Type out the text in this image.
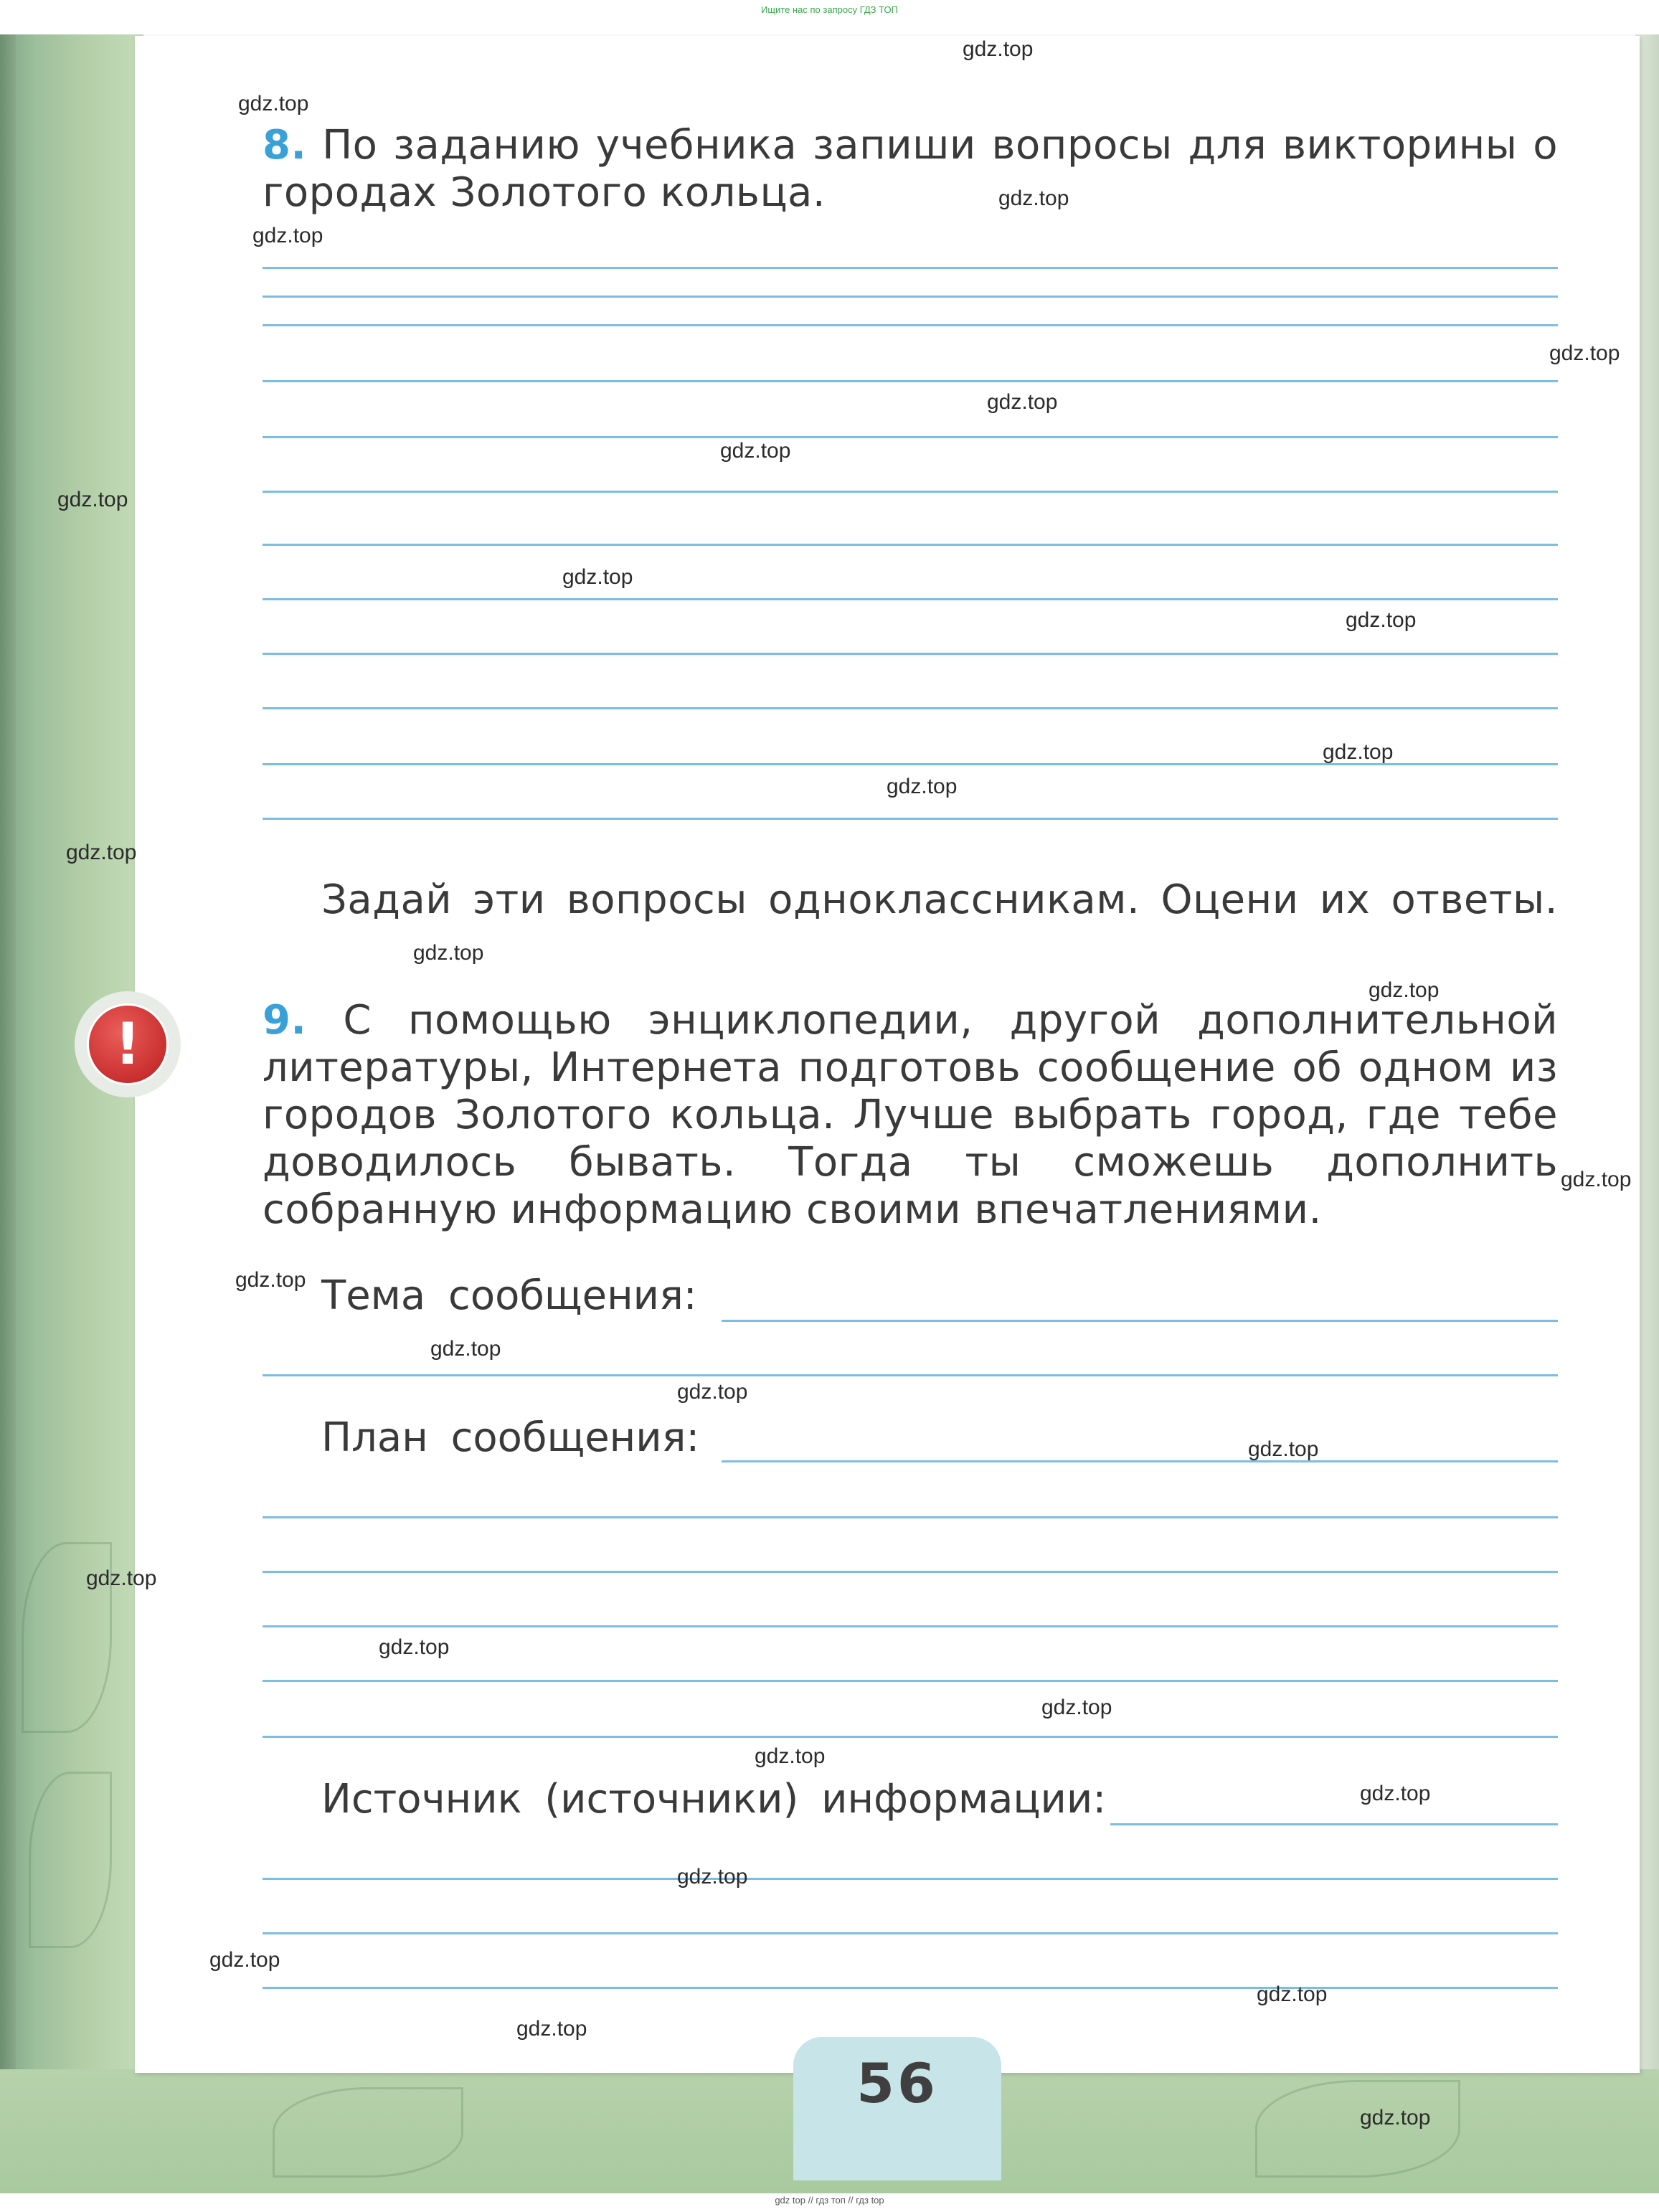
Ищите нас по запросу ГДЗ ТОП
8. По заданию учебника запиши вопросы для викторины о городах Золотого кольца.
Задай эти вопросы одноклассникам. Оцени их ответы.
!	9. С помощью энциклопедии, другой дополнительной литературы, Интернета подготовь сообщение об одном из городов Золотого кольца. Лучше выбрать город, где тебе доводилось бывать. Тогда ты сможешь дополнить собранную информацию своими впечатлениями.
Тема сообщения:
План сообщения:
Источник (источники) информации:
56
gdz.top
gdz.top
gdz.top
gdz.top
gdz.top
gdz.top
gdz.top
gdz.top
gdz.top
gdz.top
gdz.top
gdz.top
gdz.top
gdz.top
gdz.top
gdz.top
gdz.top
gdz.top
gdz.top
gdz.top
gdz.top
gdz.top
gdz.top
gdz.top
gdz.top
gdz.top
gdz.top
gdz.top
gdz.top
gdz.top
gdz top // гдз топ // гдз top
